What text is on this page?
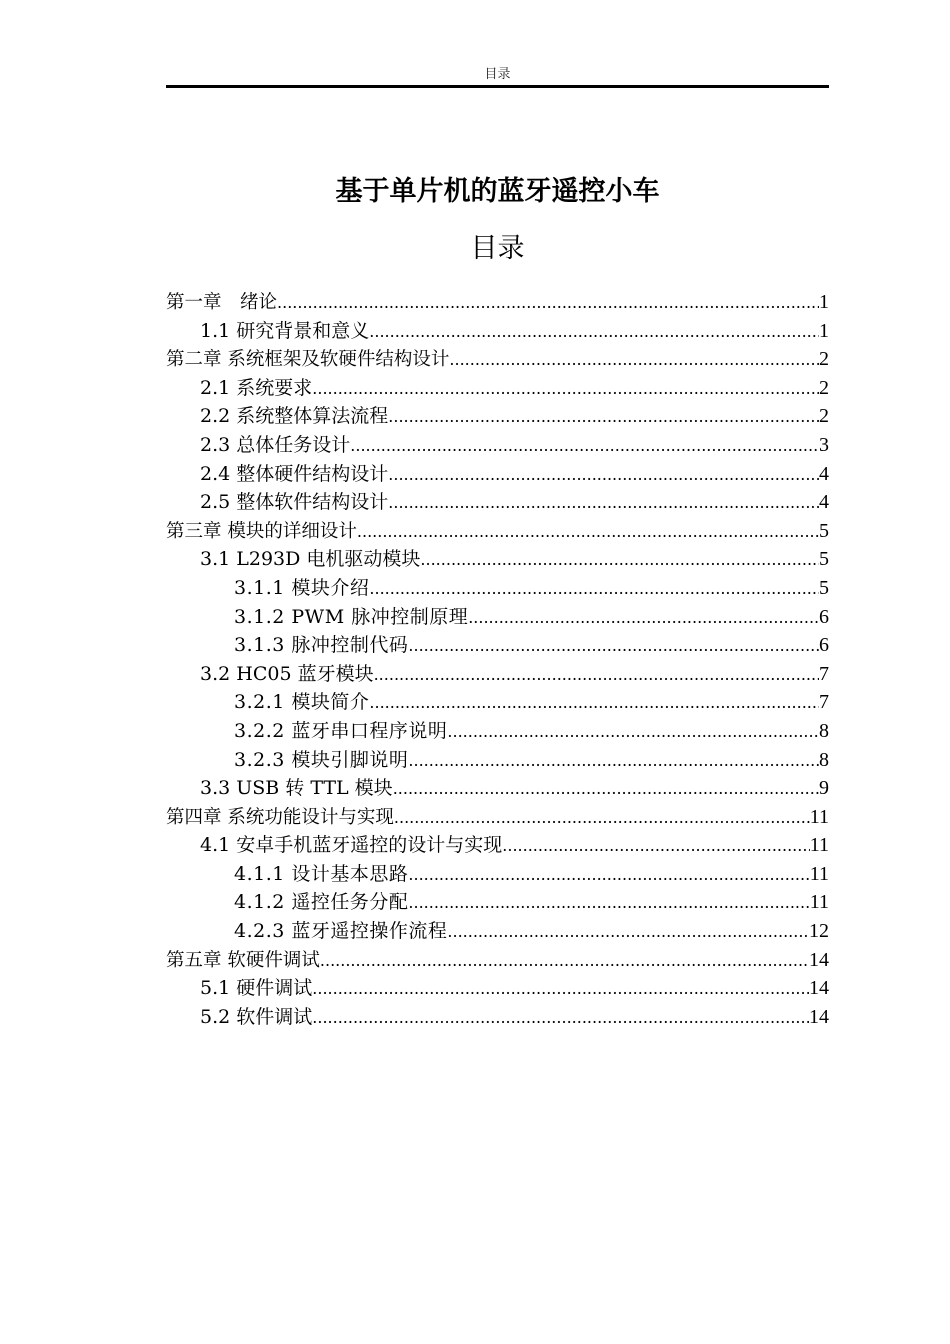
目录
基于单片机的蓝牙遥控小车
目录
第一章　绪论 .....	1
1.1 研究背景和意义 .....	1
第二章 系统框架及软硬件结构设计 .....	2
2.1 系统要求 .....	2
2.2 系统整体算法流程 .....	2
2.3 总体任务设计 .....	3
2.4 整体硬件结构设计 .....	4
2.5 整体软件结构设计 .....	4
第三章 模块的详细设计 .....	5
3.1 L293D 电机驱动模块 .....	5
3.1.1 模块介绍 .....	5
3.1.2 PWM 脉冲控制原理 .....	6
3.1.3 脉冲控制代码 .....	6
3.2 HC05 蓝牙模块 .....	7
3.2.1 模块简介 .....	7
3.2.2 蓝牙串口程序说明 .....	8
3.2.3 模块引脚说明 .....	8
3.3 USB 转 TTL 模块 .....	9
第四章 系统功能设计与实现 .....	11
4.1 安卓手机蓝牙遥控的设计与实现 .....	11
4.1.1 设计基本思路 .....	11
4.1.2 遥控任务分配 .....	11
4.2.3 蓝牙遥控操作流程 .....	12
第五章 软硬件调试 .....	14
5.1 硬件调试 .....	14
5.2 软件调试 .....	14
